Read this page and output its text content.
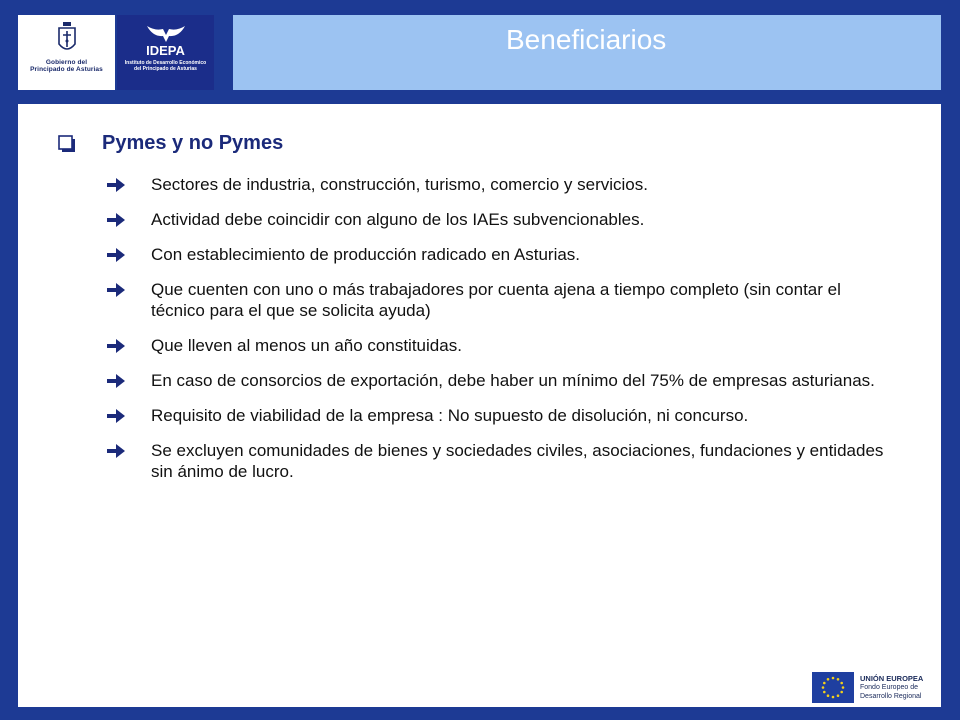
Gobierno del
Principado de Asturias
IDEPA
Instituto de Desarrollo Económico
del Principado de Asturias
Beneficiarios
Pymes y no Pymes
Sectores de industria, construcción, turismo, comercio y servicios.
Actividad debe coincidir con alguno de los IAEs subvencionables.
Con establecimiento de producción radicado en Asturias.
Que cuenten con uno o más trabajadores por cuenta ajena a tiempo completo (sin contar el técnico para el que se solicita ayuda)
Que lleven al menos un año constituidas.
En caso de consorcios de exportación, debe haber un mínimo del 75% de empresas asturianas.
Requisito de viabilidad de la empresa : No supuesto de disolución, ni concurso.
Se excluyen comunidades de bienes y sociedades civiles, asociaciones, fundaciones y entidades sin ánimo de lucro.
UNIÓN EUROPEA
Fondo Europeo de
Desarrollo Regional
